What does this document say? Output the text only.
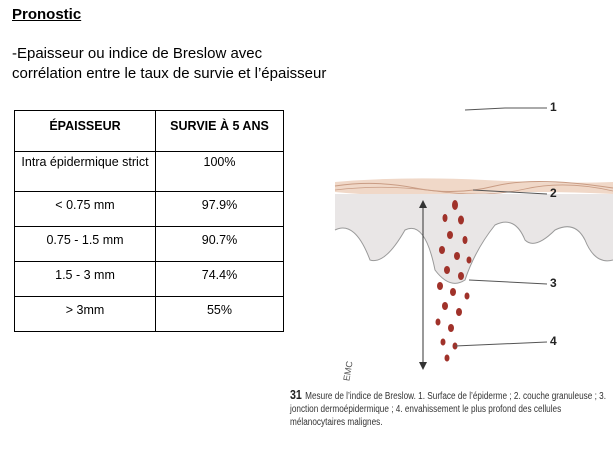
Pronostic
-Epaisseur ou indice de Breslow avec
corrélation entre le taux de survie et l’épaisseur
ÉPAISSEUR	SURVIE À 5 ANS
Intra épidermique strict	100%
< 0.75 mm	97.9%
0.75 - 1.5 mm	90.7%
1.5 - 3 mm	74.4%
> 3mm	55%
1
2
3
4
EMC
31 Mesure de l’indice de Breslow. 1. Surface de l’épiderme ; 2. couche granuleuse ; 3. jonction dermoépidermique ; 4. envahissement le plus profond des cellules mélanocytaires malignes.
